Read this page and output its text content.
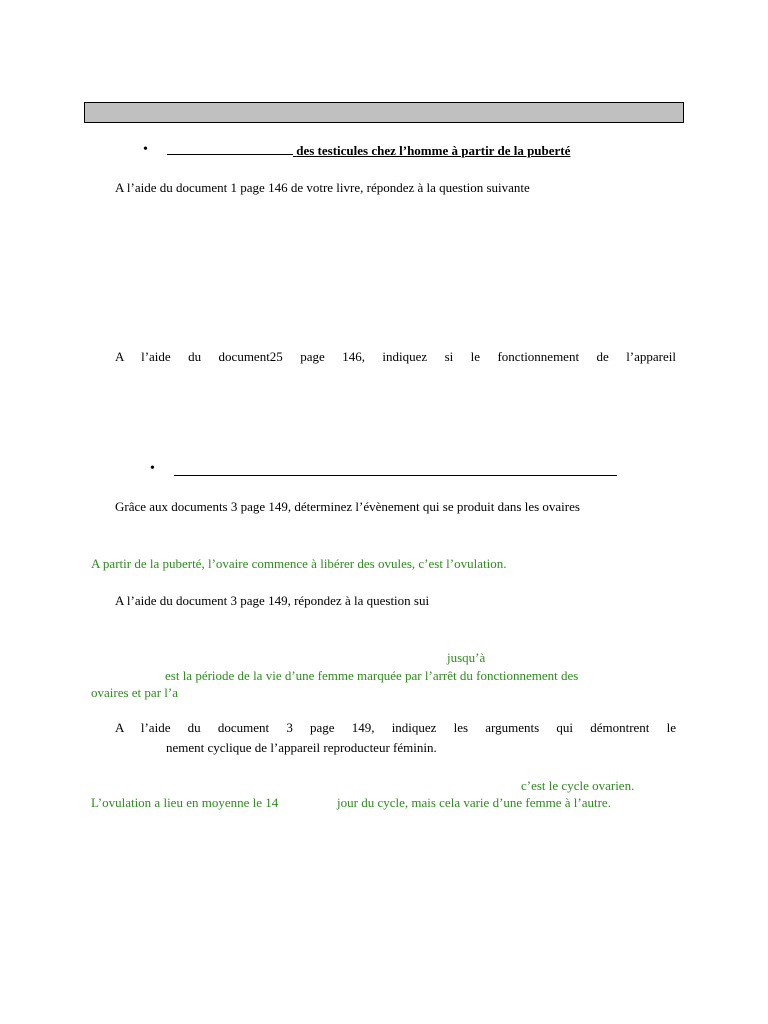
•	des testicules chez l’homme à partir de la puberté
A l’aide du document 1 page 146 de votre livre, répondez à la question suivante
A l’aide du document25 page 146, indiquez si le fonctionnement de l’appareil
•
Grâce aux documents 3 page 149, déterminez l’évènement qui se produit dans les ovaires
A partir de la puberté, l’ovaire commence à libérer des ovules, c’est l’ovulation.
A l’aide du document 3 page 149, répondez à la question sui
jusqu’à
est la période de la vie d’une femme marquée par l’arrêt du fonctionnement des
ovaires et par l’a
A l’aide du document 3 page 149, indiquez les arguments qui démontrent le
nement cyclique de l’appareil reproducteur féminin.
c’est le cycle ovarien.
L’ovulation a lieu en moyenne le 14	jour du cycle, mais cela varie d’une femme à l’autre.
